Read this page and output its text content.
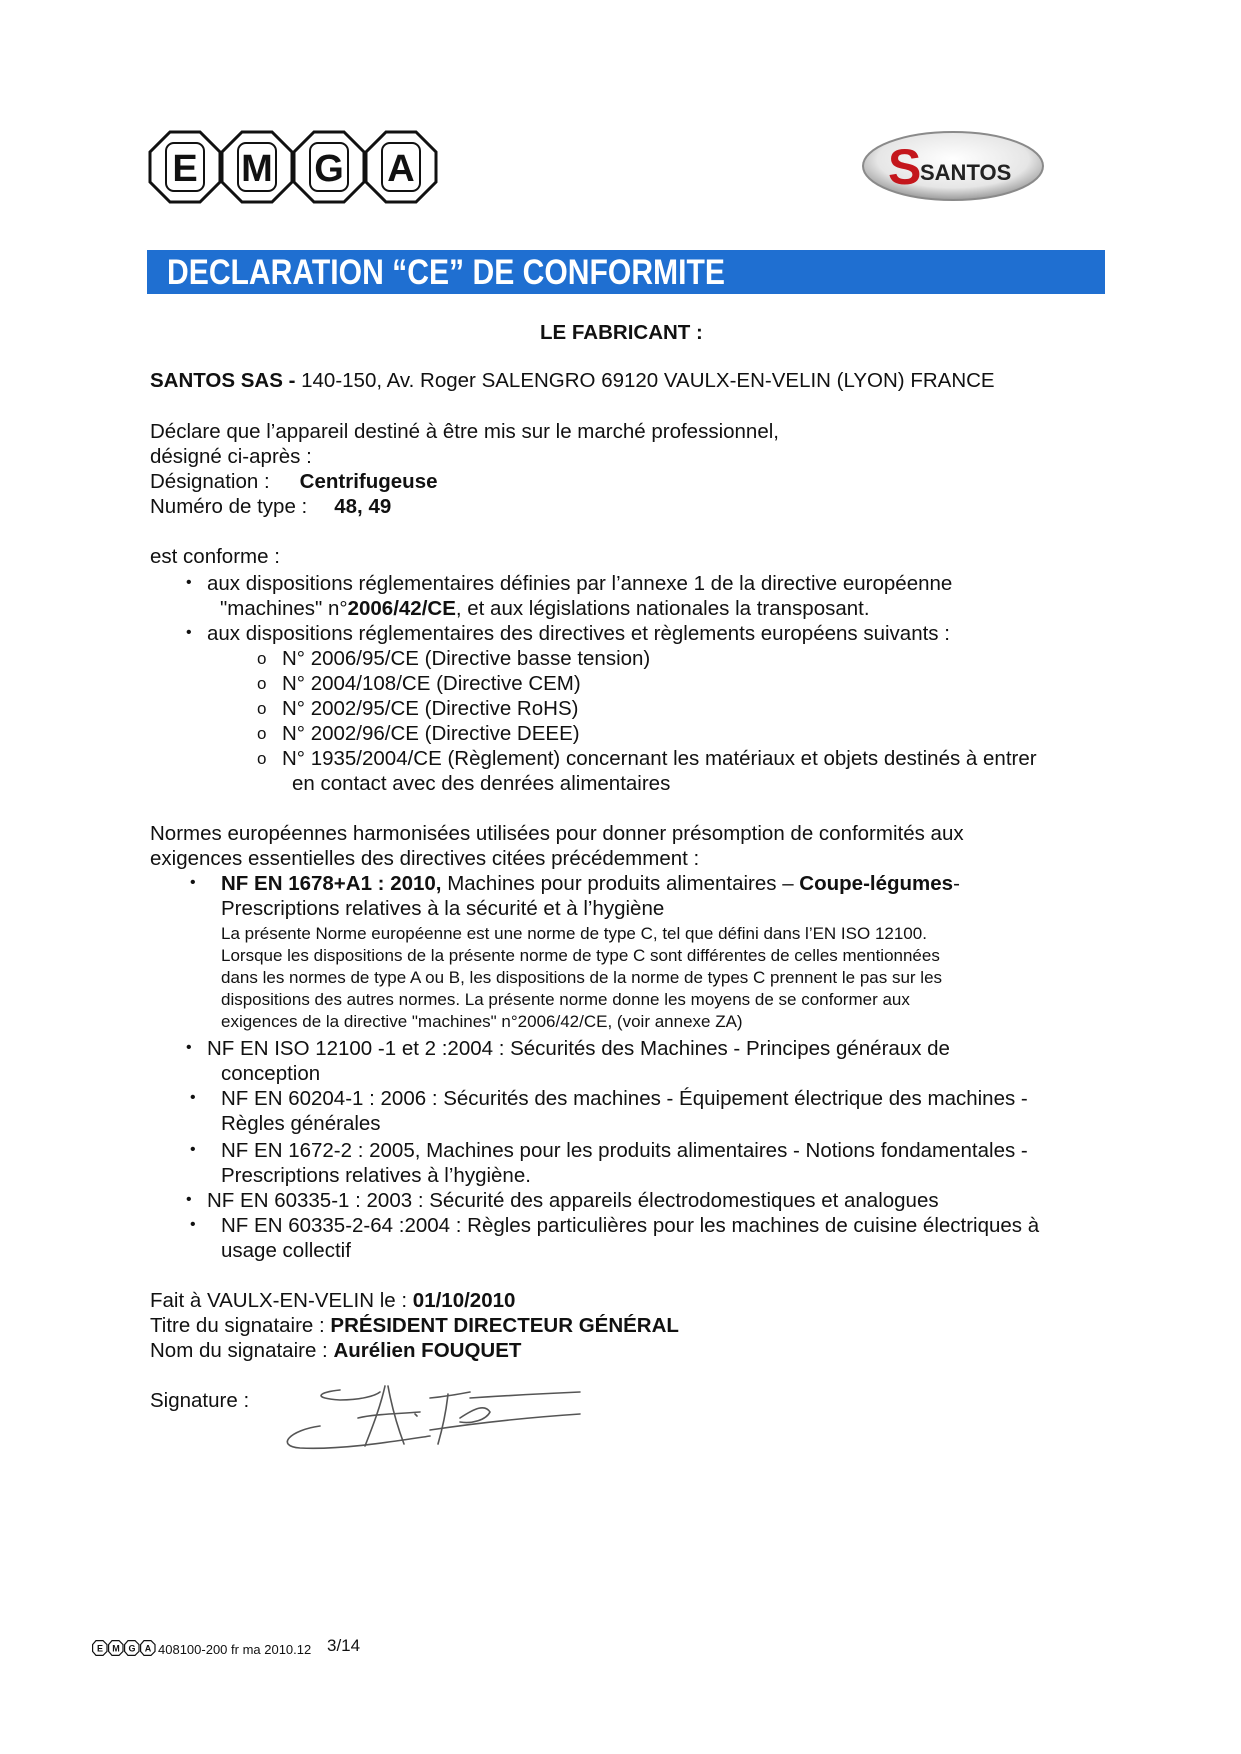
E M G A	S
SANTOS
DECLARATION “CE” DE CONFORMITE
LE FABRICANT :
SANTOS SAS - 140-150, Av. Roger SALENGRO 69120 VAULX-EN-VELIN (LYON) FRANCE
Déclare que l’appareil destiné à être mis sur le marché professionnel,
désigné ci-après :
Désignation : Centrifugeuse
Numéro de type : 48, 49
est conforme :
• aux dispositions réglementaires définies par l’annexe 1 de la directive européenne
"machines" n°2006/42/CE, et aux législations nationales la transposant.
• aux dispositions réglementaires des directives et règlements européens suivants :
o N° 2006/95/CE (Directive basse tension)
o N° 2004/108/CE (Directive CEM)
o N° 2002/95/CE (Directive RoHS)
o N° 2002/96/CE (Directive DEEE)
o N° 1935/2004/CE (Règlement) concernant les matériaux et objets destinés à entrer
en contact avec des denrées alimentaires
Normes européennes harmonisées utilisées pour donner présomption de conformités aux
exigences essentielles des directives citées précédemment :
• NF EN 1678+A1 : 2010, Machines pour produits alimentaires – Coupe-légumes-
Prescriptions relatives à la sécurité et à l’hygiène
La présente Norme européenne est une norme de type C, tel que défini dans l’EN ISO 12100.
Lorsque les dispositions de la présente norme de type C sont différentes de celles mentionnées
dans les normes de type A ou B, les dispositions de la norme de types C prennent le pas sur les
dispositions des autres normes. La présente norme donne les moyens de se conformer aux
exigences de la directive "machines" n°2006/42/CE, (voir annexe ZA)
• NF EN ISO 12100 -1 et 2 :2004 : Sécurités des Machines - Principes généraux de
conception
• NF EN 60204-1 : 2006 : Sécurités des machines - Équipement électrique des machines -
Règles générales
• NF EN 1672-2 : 2005, Machines pour les produits alimentaires - Notions fondamentales -
Prescriptions relatives à l’hygiène.
• NF EN 60335-1 : 2003 : Sécurité des appareils électrodomestiques et analogues
• NF EN 60335-2-64 :2004 : Règles particulières pour les machines de cuisine électriques à
usage collectif
Fait à VAULX-EN-VELIN le : 01/10/2010
Titre du signataire : PRÉSIDENT DIRECTEUR GÉNÉRAL
Nom du signataire : Aurélien FOUQUET
Signature :
E M G A 408100-200 fr ma 2010.12 3/14
